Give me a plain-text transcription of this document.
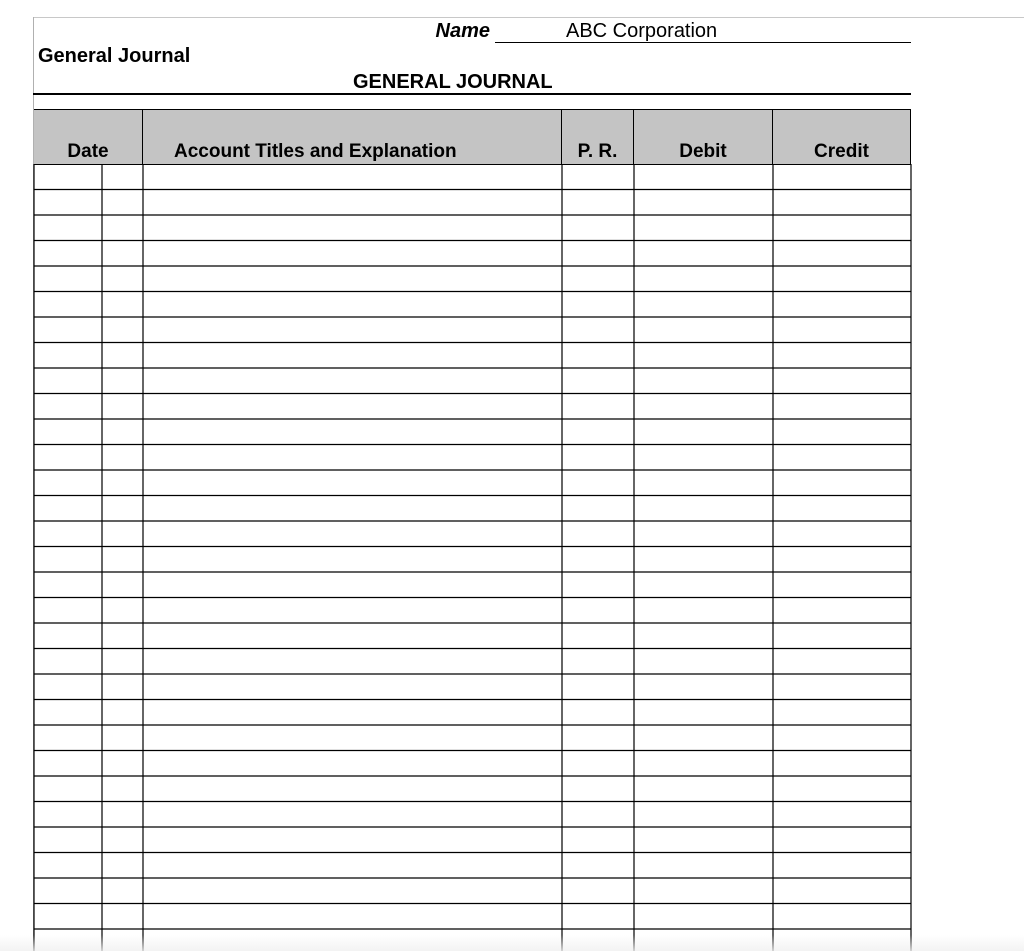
Name	ABC Corporation
General Journal
GENERAL JOURNAL
Date	Account Titles and Explanation	P. R.	Debit	Credit
